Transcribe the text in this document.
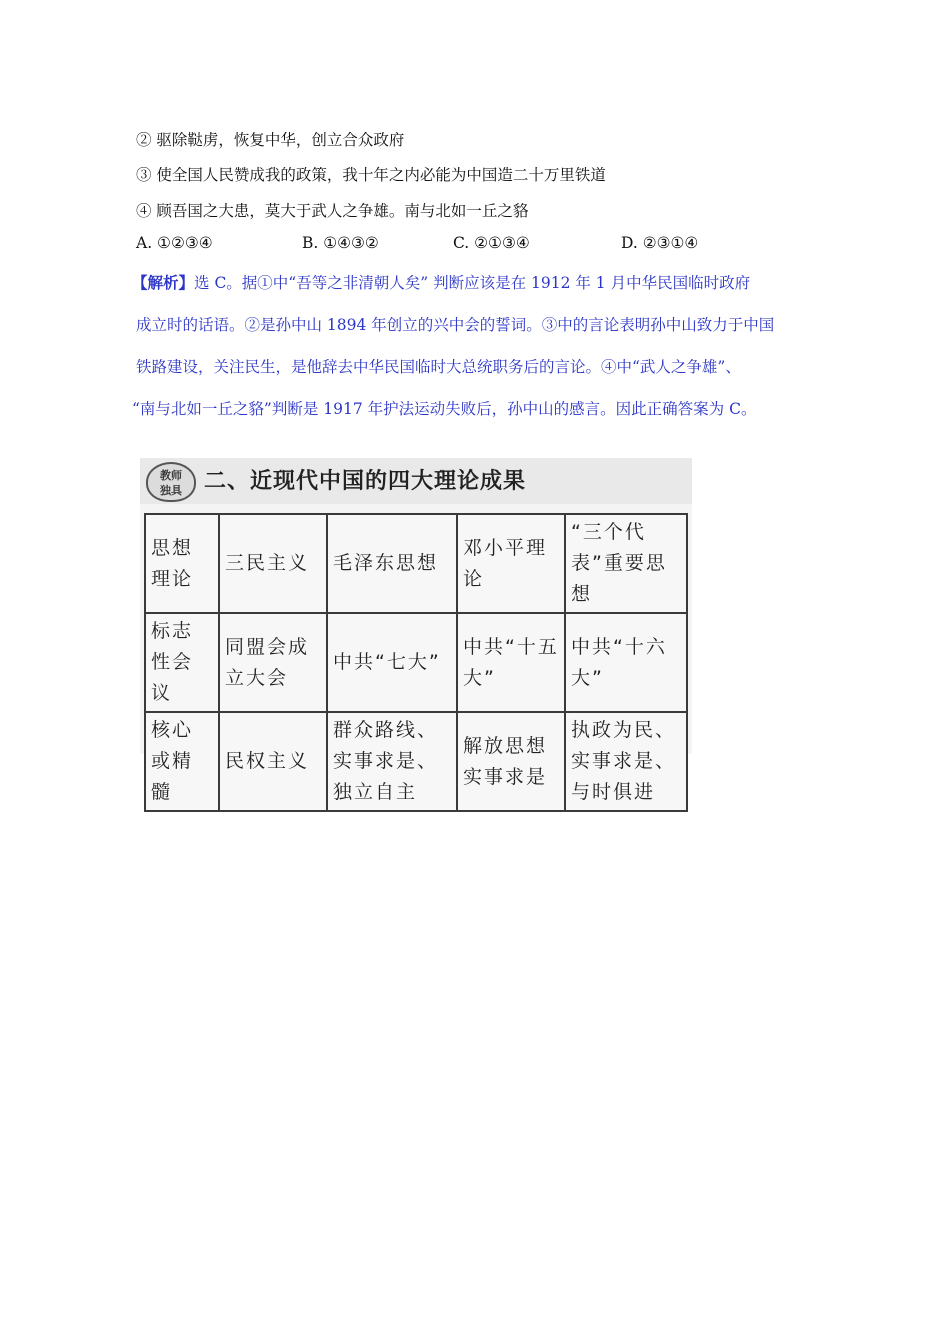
② 驱除鞑虏，恢复中华，创立合众政府
③ 使全国人民赞成我的政策，我十年之内必能为中国造二十万里铁道
④ 顾吾国之大患，莫大于武人之争雄。南与北如一丘之貉
A. ①②③④	B. ①④③②	C. ②①③④	D. ②③①④
【解析】选 C。据①中“吾等之非清朝人矣” 判断应该是在 1912 年 1 月中华民国临时政府
成立时的话语。②是孙中山 1894 年创立的兴中会的誓词。③中的言论表明孙中山致力于中国
铁路建设，关注民生，是他辞去中华民国临时大总统职务后的言论。④中“武人之争雄”、
“南与北如一丘之貉”判断是 1917 年护法运动失败后，孙中山的感言。因此正确答案为 C。
教师
独具	二、近现代中国的四大理论成果
思想理论	三民主义	毛泽东思想	邓小平理论	“三个代表”重要思想
标志性会议	同盟会成立大会	中共“七大”	中共“十五大”	中共“十六大”
核心或精髓	民权主义	群众路线、实事求是、独立自主	解放思想实事求是	执政为民、实事求是、与时俱进
